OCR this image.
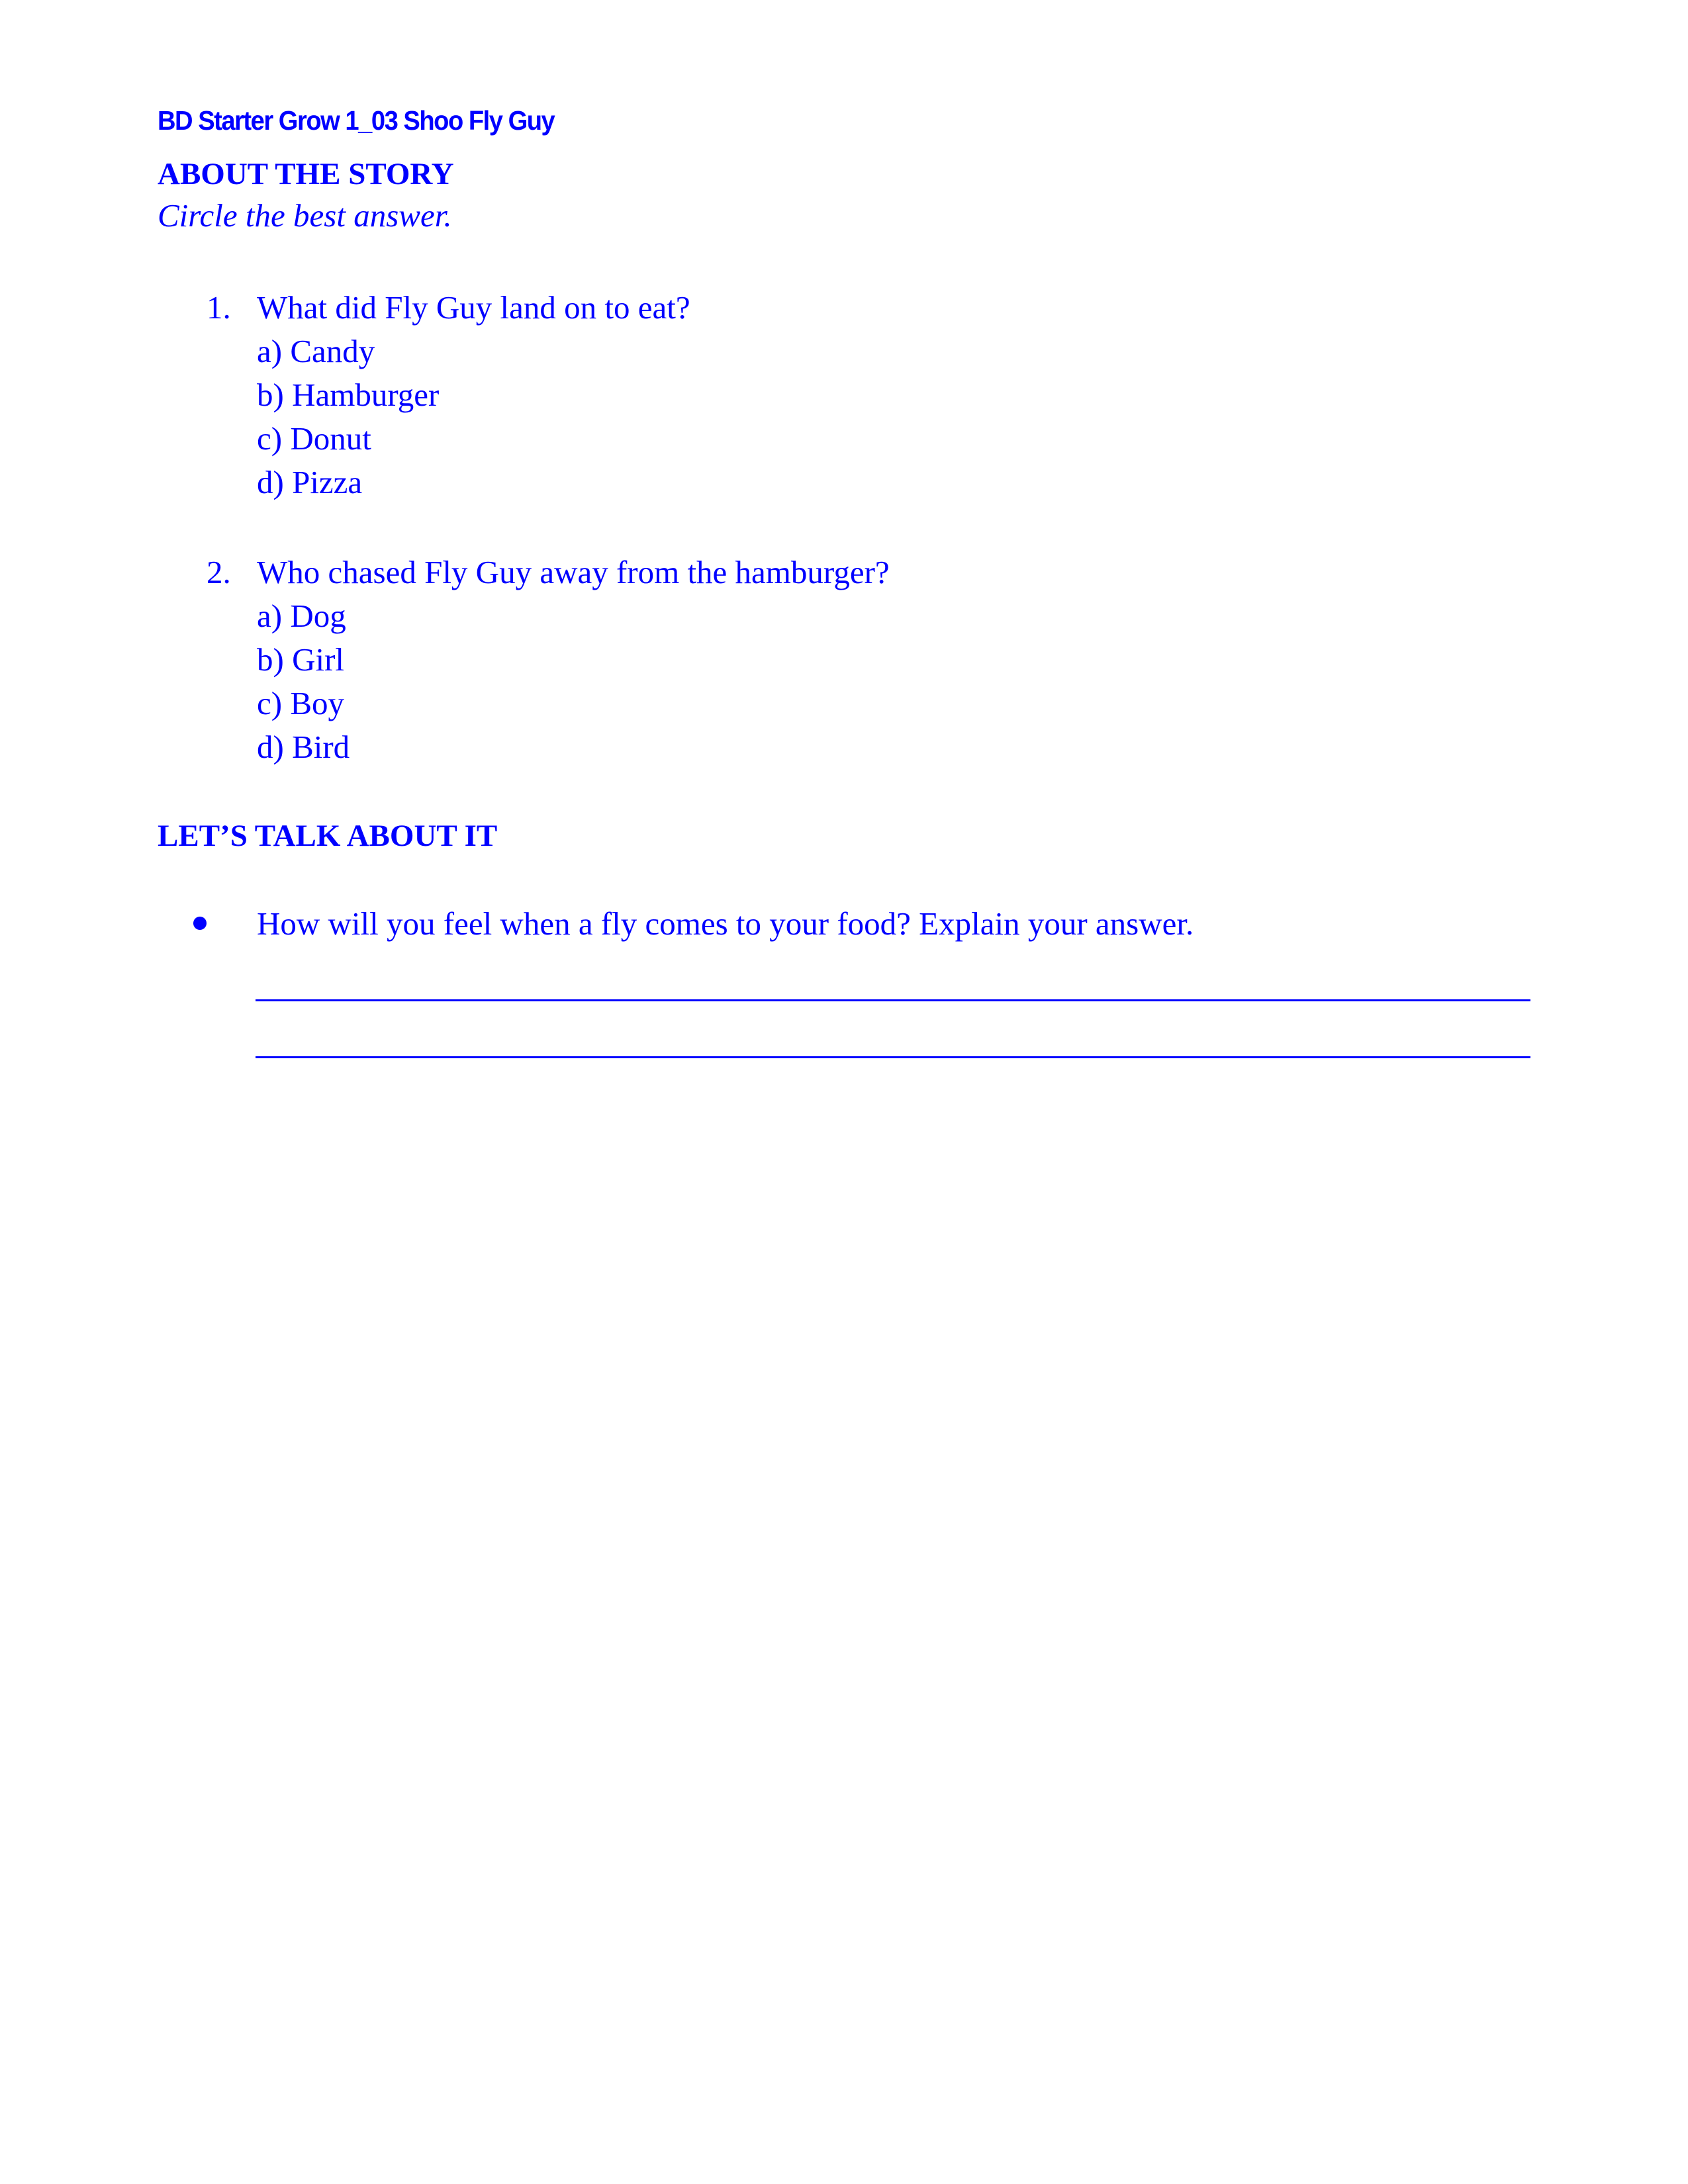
BD Starter Grow 1_03 Shoo Fly Guy
ABOUT THE STORY
Circle the best answer.
1. What did Fly Guy land on to eat?
a) Candy
b) Hamburger
c) Donut
d) Pizza
2. Who chased Fly Guy away from the hamburger?
a) Dog
b) Girl
c) Boy
d) Bird
LET’S TALK ABOUT IT
How will you feel when a fly comes to your food? Explain your answer.
